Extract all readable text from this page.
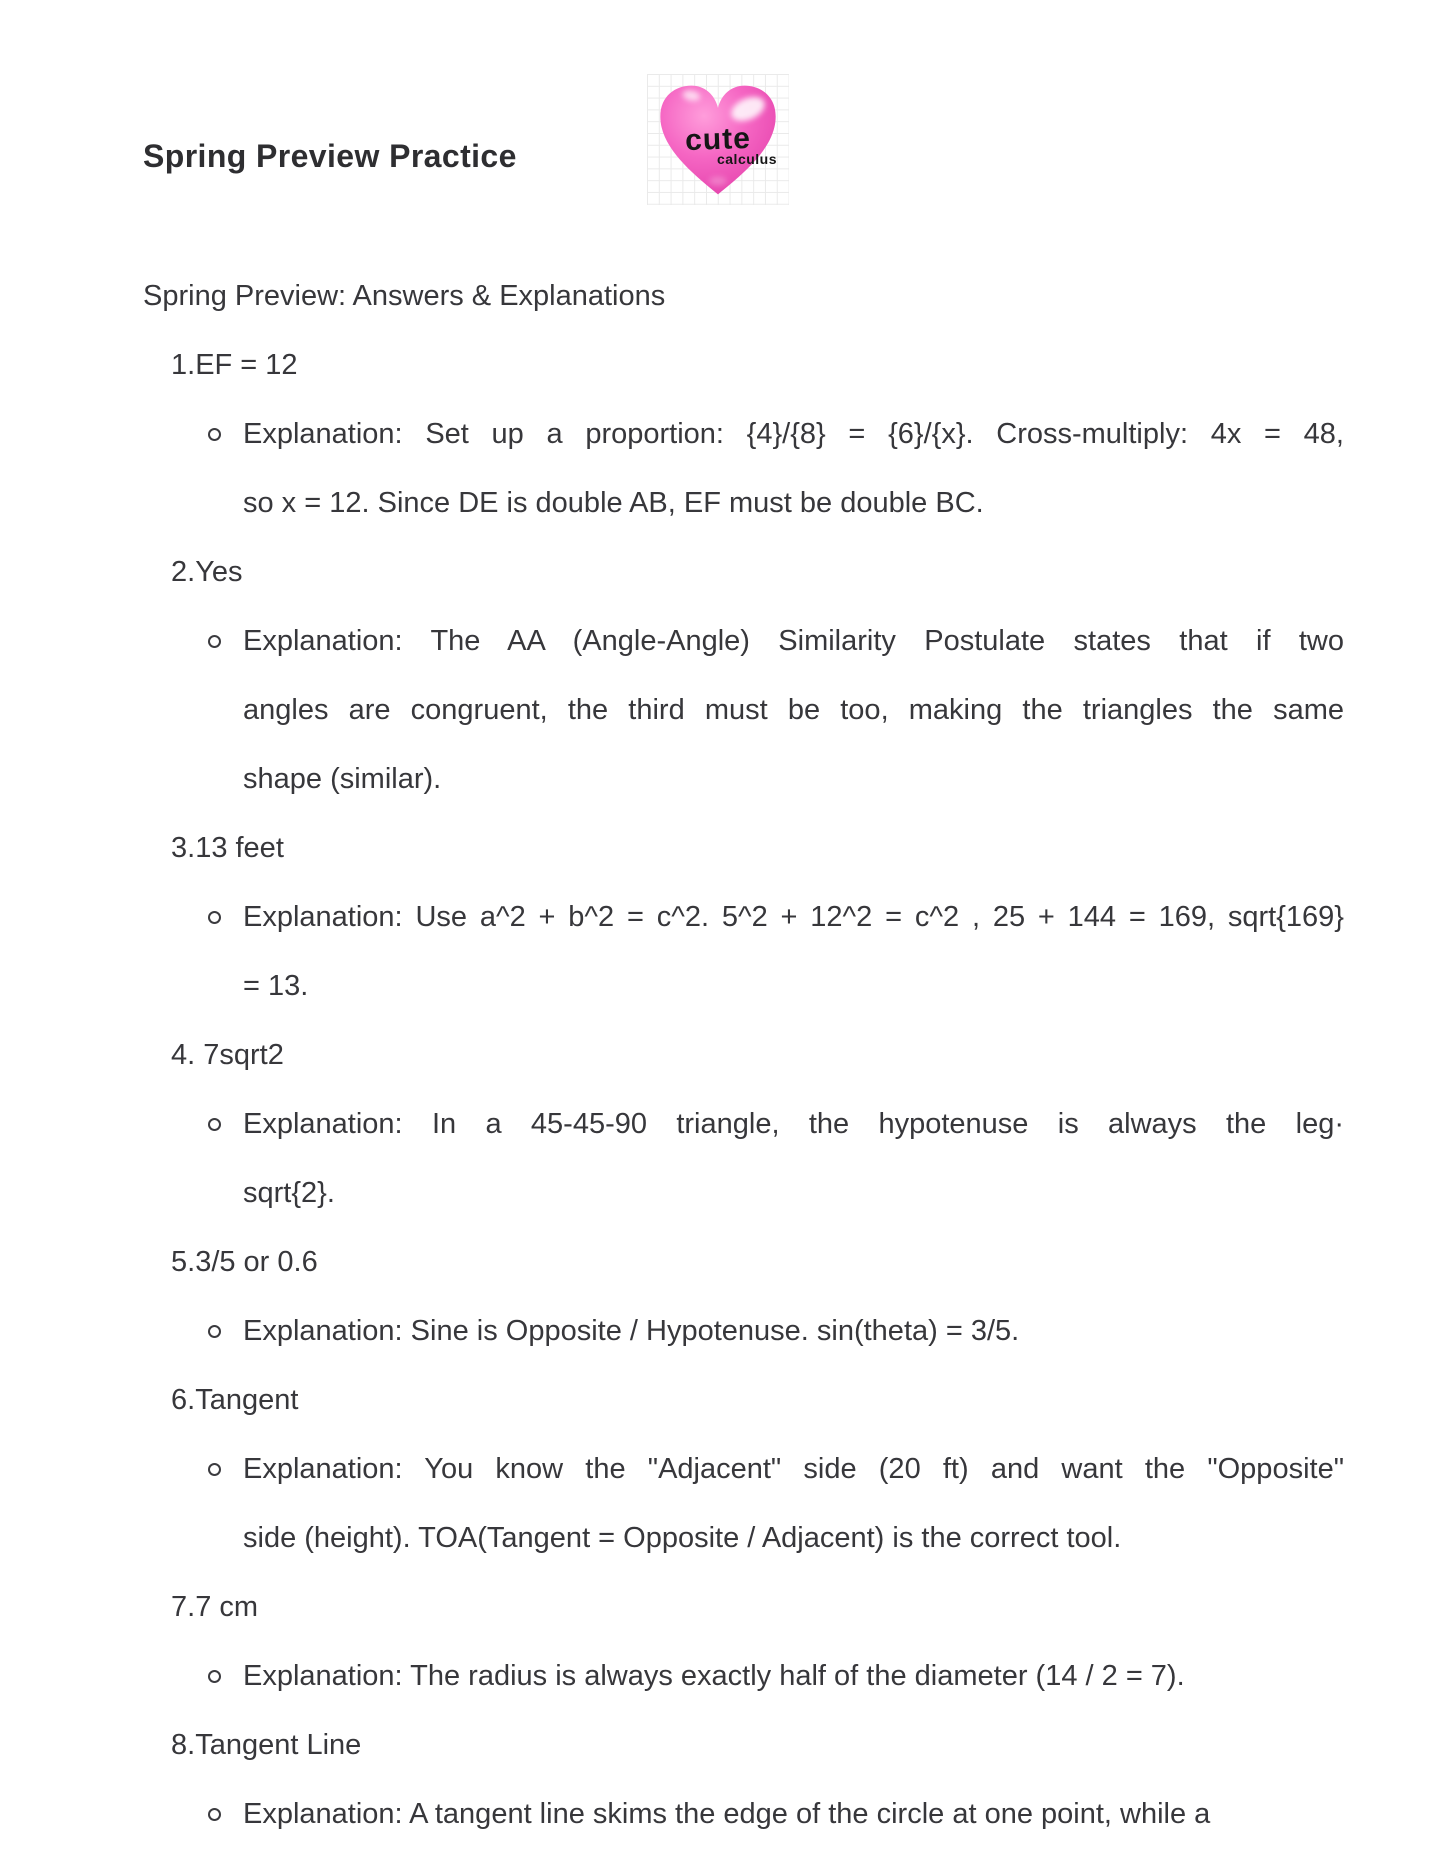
Spring Preview Practice	cute
calculus
Spring Preview: Answers & Explanations
1.EF = 12
Explanation: Set up a proportion: {4}/{8} = {6}/{x}. Cross-multiply: 4x = 48,
so x = 12. Since DE is double AB, EF must be double BC.
2.Yes
Explanation: The AA (Angle-Angle) Similarity Postulate states that if two
angles are congruent, the third must be too, making the triangles the same
shape (similar).
3.13 feet
Explanation: Use a^2 + b^2 = c^2. 5^2 + 12^2 = c^2 , 25 + 144 = 169, sqrt{169}
= 13.
4. 7sqrt2
Explanation: In a 45-45-90 triangle, the hypotenuse is always the leg·
sqrt{2}.
5.3/5 or 0.6
Explanation: Sine is Opposite / Hypotenuse. sin(theta) = 3/5.
6.Tangent
Explanation: You know the "Adjacent" side (20 ft) and want the "Opposite"
side (height). TOA(Tangent = Opposite / Adjacent) is the correct tool.
7.7 cm
Explanation: The radius is always exactly half of the diameter (14 / 2 = 7).
8.Tangent Line
Explanation: A tangent line skims the edge of the circle at one point, while a
